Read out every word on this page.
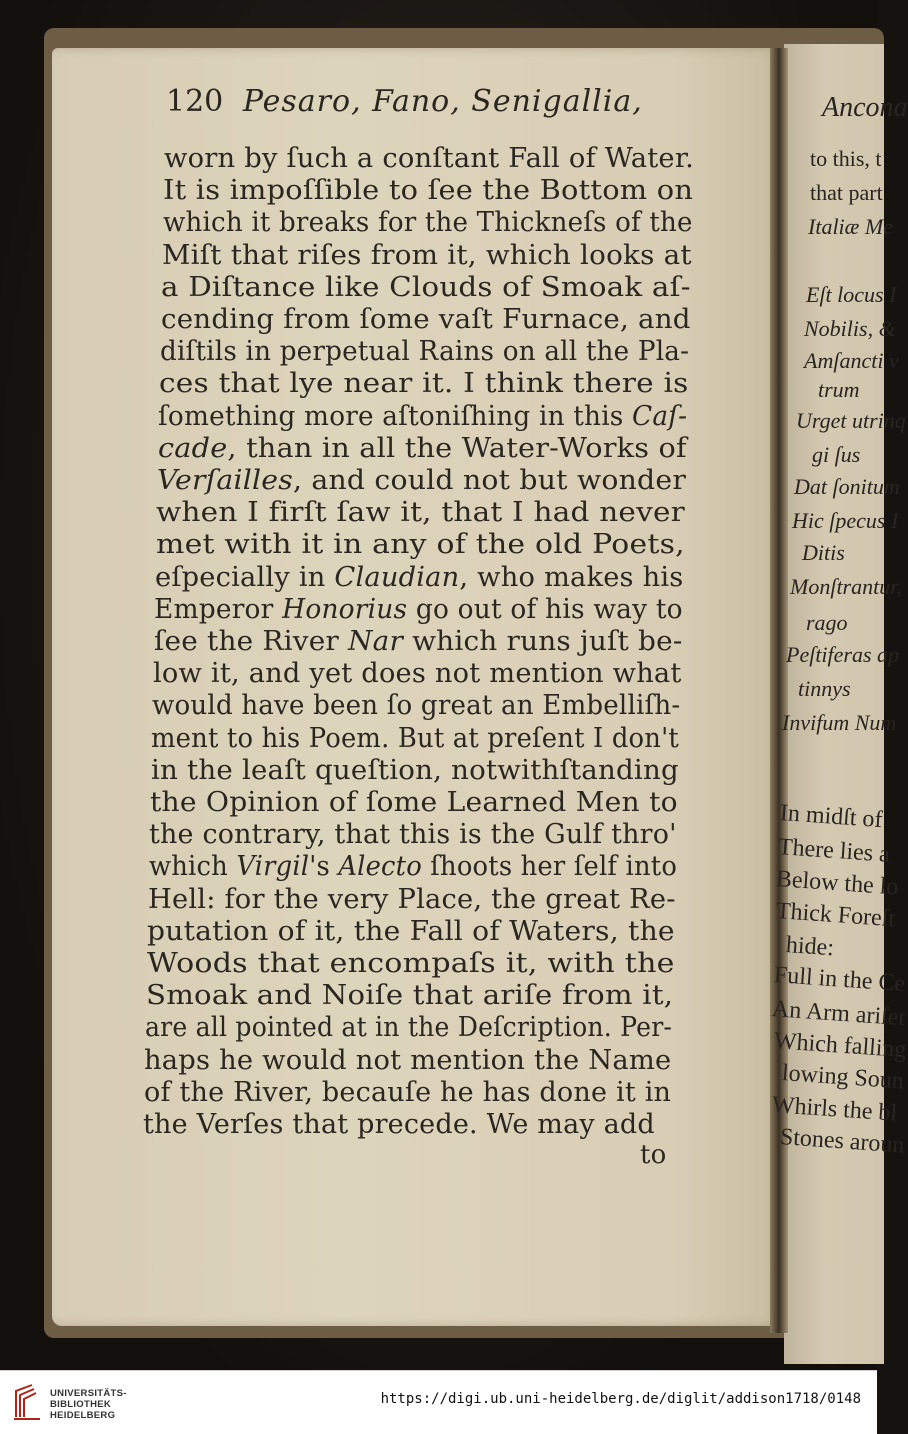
120 Pesaro, Fano, Senigallia,
worn by ſuch a conſtant Fall of Water.
It is impoſſible to ſee the Bottom on
which it breaks for the Thickneſs of the
Miſt that riſes from it, which looks at
a Diſtance like Clouds of Smoak aſ-
cending from ſome vaſt Furnace, and
diſtils in perpetual Rains on all the Pla-
ces that lye near it. I think there is
ſomething more aſtoniſhing in this Caſ-
cade, than in all the Water-Works of
Verſailles, and could not but wonder
when I firſt ſaw it, that I had never
met with it in any of the old Poets,
eſpecially in Claudian, who makes his
Emperor Honorius go out of his way to
ſee the River Nar which runs juſt be-
low it, and yet does not mention what
would have been ſo great an Embelliſh-
ment to his Poem. But at preſent I don't
in the leaſt queſtion, notwithſtanding
the Opinion of ſome Learned Men to
the contrary, that this is the Gulf thro'
which Virgil's Alecto ſhoots her ſelf into
Hell: for the very Place, the great Re-
putation of it, the Fall of Waters, the
Woods that encompaſs it, with the
Smoak and Noiſe that ariſe from it,
are all pointed at in the Deſcription. Per-
haps he would not mention the Name
of the River, becauſe he has done it in
the Verſes that precede. We may add
to
Ancona
to this, t
that part
Italiæ Me
Eſt locus I
Nobilis, &
Amſancti v
trum
Urget utrinq
gi ſus
Dat ſonitum
Hic ſpecus I
Ditis
Monſtrantur,
rago
Peſtiferas ap
tinnys
Invifum Num
In midſt of
There lies a
Below the lo
Thick Foreſt
hide:
Full in the Ce
An Arm ariſet
Which falling
lowing Soun
Whirls the bl
Stones aroun
UNIVERSITÄTS-
BIBLIOTHEK
HEIDELBERG
https://digi.ub.uni-heidelberg.de/diglit/addison1718/0148
